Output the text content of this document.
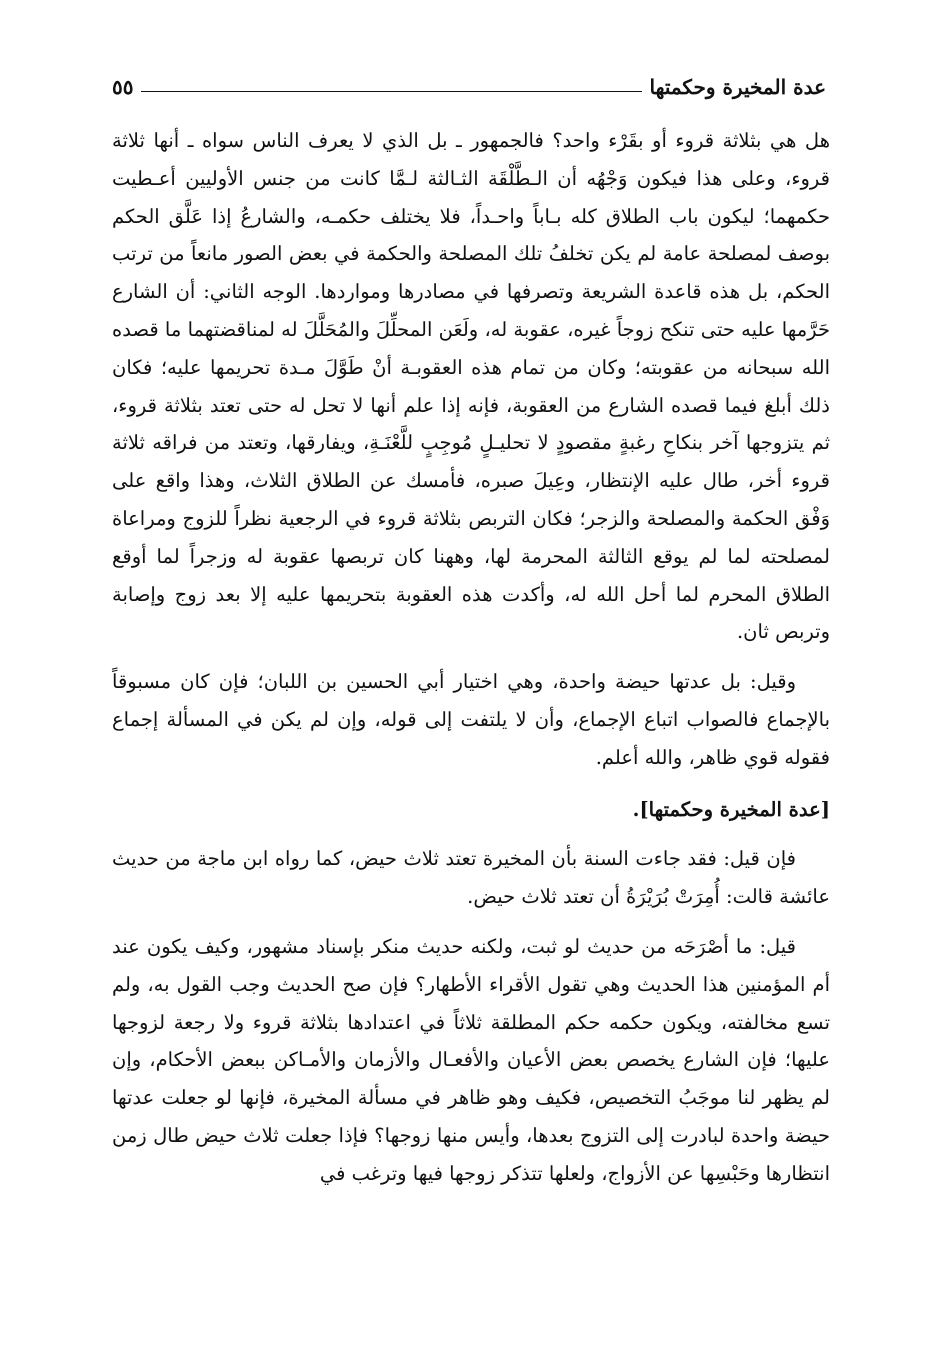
عدة المخيرة وحكمتها
٥٥

هل هي بثلاثة قروء أو بقَرْء واحد؟ فالجمهور ـ بل الذي لا يعرف الناس سواه ـ أنها ثلاثة قروء، وعلى هذا فيكون وَجْهُه أن الـطَّلْقَة الثـالثة لـمَّا كانت من جنس الأوليين أعـطيت حكمهما؛ ليكون باب الطلاق كله بـاباً واحـداً، فلا يختلف حكمـه، والشارعُ إذا عَلَّق الحكم بوصف لمصلحة عامة لم يكن تخلفُ تلك المصلحة والحكمة في بعض الصور مانعاً من ترتب الحكم، بل هذه قاعدة الشريعة وتصرفها في مصادرها ومواردها. الوجه الثاني: أن الشارع حَرَّمها عليه حتى تنكح زوجاً غيره، عقوبة له، ولَعَن المحلِّلَ والمُحَلَّلَ له لمناقضتهما ما قصده الله سبحانه من عقوبته؛ وكان من تمام هذه العقوبـة أنْ طَوَّلَ مـدة تحريمها عليه؛ فكان ذلك أبلغ فيما قصده الشارع من العقوبة، فإنه إذا علم أنها لا تحل له حتى تعتد بثلاثة قروء، ثم يتزوجها آخر بنكاحِ رغبةٍ مقصودٍ لا تحليـلٍ مُوجِبٍ للَّعْنَـةِ، ويفارقها، وتعتد من فراقه ثلاثة قروء أخر، طال عليه الإنتظار، وعِيلَ صبره، فأمسك عن الطلاق الثلاث، وهذا واقع على وَفْق الحكمة والمصلحة والزجر؛ فكان التربص بثلاثة قروء في الرجعية نظراً للزوج ومراعاة لمصلحته لما لم يوقع الثالثة المحرمة لها، وههنا كان تربصها عقوبة له وزجراً لما أوقع الطلاق المحرم لما أحل الله له، وأكدت هذه العقوبة بتحريمها عليه إلا بعد زوج وإصابة وتربص ثان.

وقيل: بل عدتها حيضة واحدة، وهي اختيار أبي الحسين بن اللبان؛ فإن كان مسبوقاً بالإجماع فالصواب اتباع الإجماع، وأن لا يلتفت إلى قوله، وإن لم يكن في المسألة إجماع فقوله قوي ظاهر، والله أعلم.

[عدة المخيرة وحكمتها].

فإن قيل: فقد جاءت السنة بأن المخيرة تعتد ثلاث حيض، كما رواه ابن ماجة من حديث عائشة قالت: أُمِرَتْ بُرَيْرَةُ أن تعتد ثلاث حيض.

قيل: ما أصْرَحَه من حديث لو ثبت، ولكنه حديث منكر بإسناد مشهور، وكيف يكون عند أم المؤمنين هذا الحديث وهي تقول الأقراء الأطهار؟ فإن صح الحديث وجب القول به، ولم تسع مخالفته، ويكون حكمه حكم المطلقة ثلاثاً في اعتدادها بثلاثة قروء ولا رجعة لزوجها عليها؛ فإن الشارع يخصص بعض الأعيان والأفعـال والأزمان والأمـاكن ببعض الأحكام، وإن لم يظهر لنا موجَبُ التخصيص، فكيف وهو ظاهر في مسألة المخيرة، فإنها لو جعلت عدتها حيضة واحدة لبادرت إلى التزوج بعدها، وأيس منها زوجها؟ فإذا جعلت ثلاث حيض طال زمن انتظارها وحَبْسِها عن الأزواج، ولعلها تتذكر زوجها فيها وترغب في
